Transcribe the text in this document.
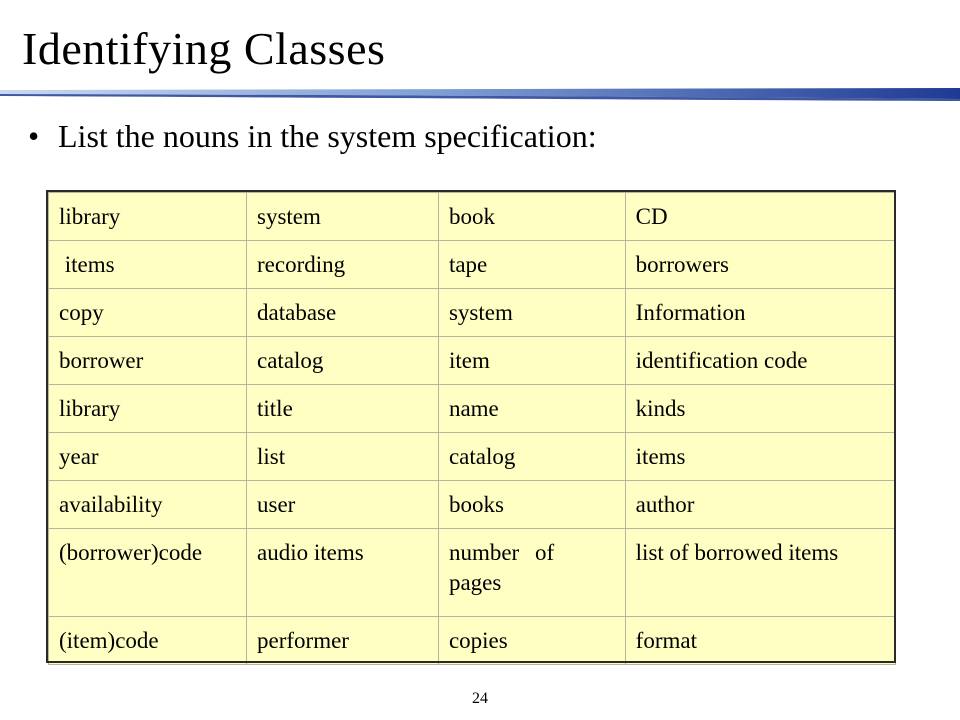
Identifying Classes
• List the nouns in the system specification:
library	system	book	CD
items	recording	tape	borrowers
copy	database	system	Information
borrower	catalog	item	identification code
library	title	name	kinds
year	list	catalog	items
availability	user	books	author
(borrower)code	audio items	number of pages	list of borrowed items
(item)code	performer	copies	format
24
